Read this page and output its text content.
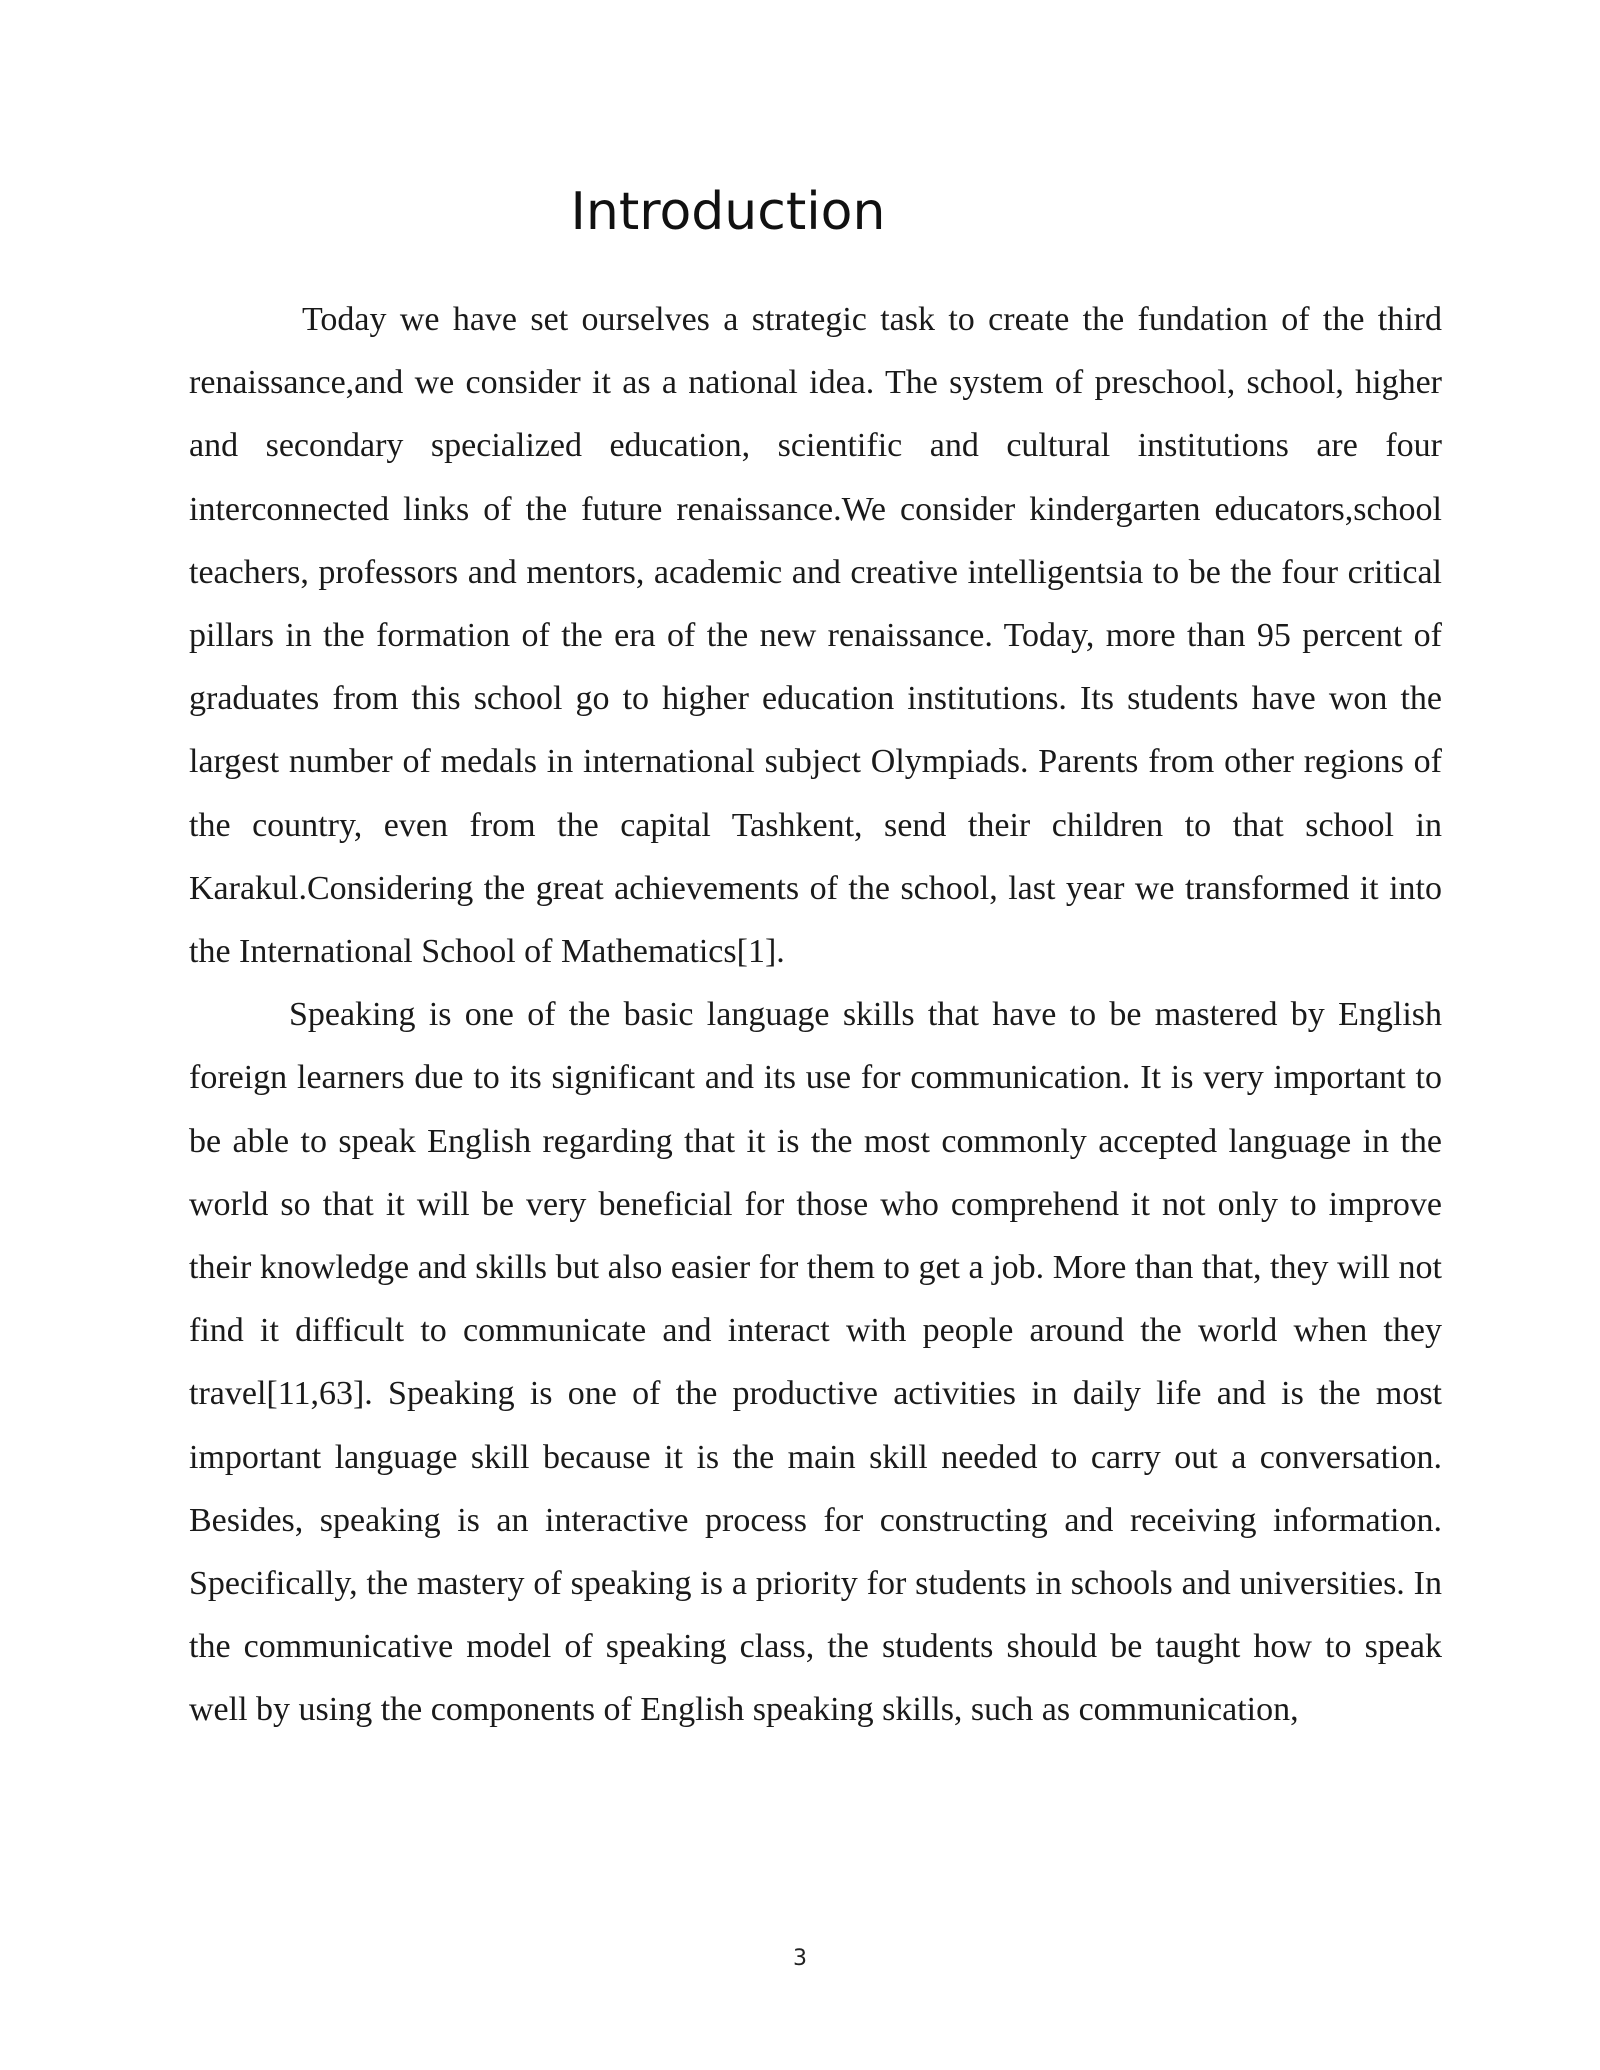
Introduction

Today we have set ourselves a strategic task to create the fundation of the third renaissance,and we consider it as a national idea. The system of preschool, school, higher and secondary specialized education, scientific and cultural institutions are four interconnected links of the future renaissance.We consider kindergarten educators,school teachers, professors and mentors, academic and creative intelligentsia to be the four critical pillars in the formation of the era of the new renaissance. Today, more than 95 percent of graduates from this school go to higher education institutions. Its students have won the largest number of medals in international subject Olympiads. Parents from other regions of the country, even from the capital Tashkent, send their children to that school in Karakul.Considering the great achievements of the school, last year we transformed it into the International School of Mathematics[1].

Speaking is one of the basic language skills that have to be mastered by English foreign learners due to its significant and its use for communication. It is very important to be able to speak English regarding that it is the most commonly accepted language in the world so that it will be very beneficial for those who comprehend it not only to improve their knowledge and skills but also easier for them to get a job. More than that, they will not find it difficult to communicate and interact with people around the world when they travel[11,63]. Speaking is one of the productive activities in daily life and is the most important language skill because it is the main skill needed to carry out a conversation. Besides, speaking is an interactive process for constructing and receiving information. Specifically, the mastery of speaking is a priority for students in schools and universities. In the communicative model of speaking class, the students should be taught how to speak well by using the components of English speaking skills, such as communication,

3
